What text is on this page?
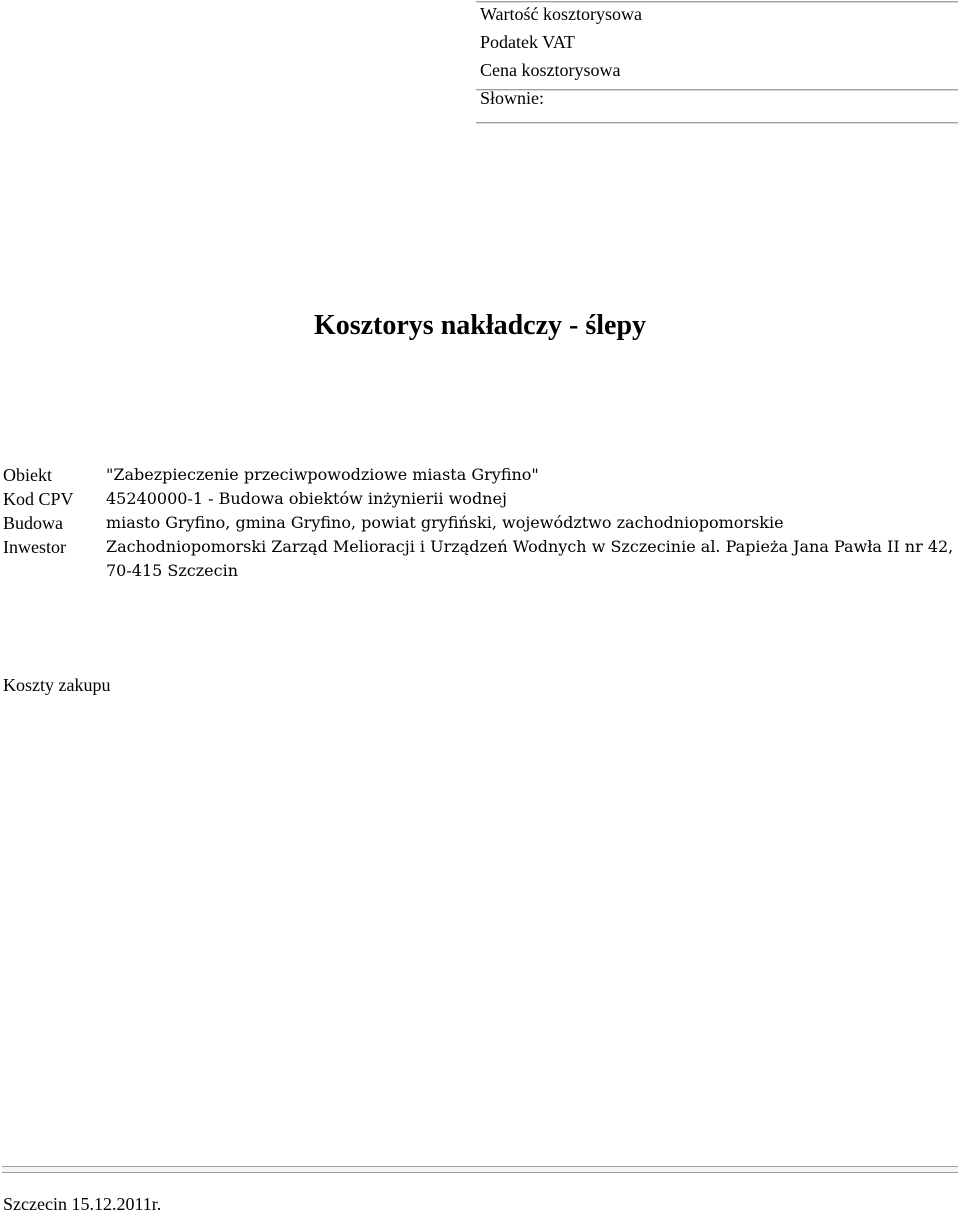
Wartość kosztorysowa
Podatek VAT
Cena kosztorysowa
Słownie:
Kosztorys nakładczy - ślepy
Obiekt	"Zabezpieczenie przeciwpowodziowe miasta Gryfino"
Kod CPV	45240000-1 - Budowa obiektów inżynierii wodnej
Budowa	miasto Gryfino, gmina Gryfino, powiat gryfiński, województwo zachodniopomorskie
Inwestor	Zachodniopomorski Zarząd Melioracji i Urządzeń Wodnych w Szczecinie al. Papieża Jana Pawła II nr 42, 70-415 Szczecin
Koszty zakupu
Szczecin 15.12.2011r.
